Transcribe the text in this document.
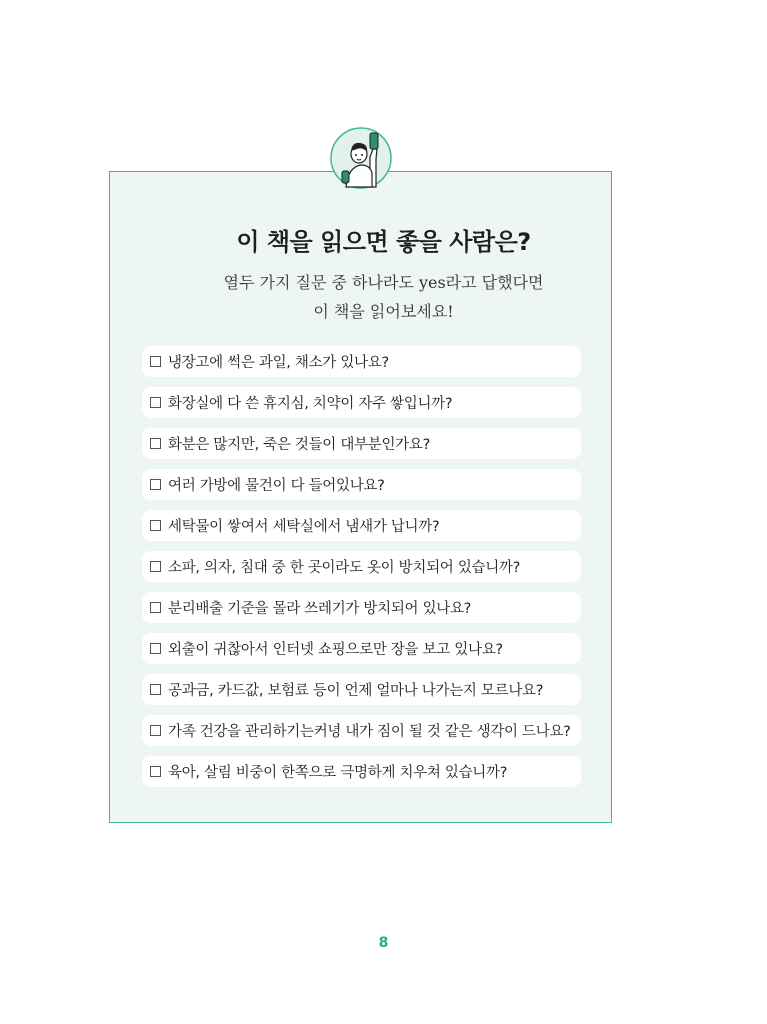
이 책을 읽으면 좋을 사람은?
열두 가지 질문 중 하나라도 yes라고 답했다면
이 책을 읽어보세요!
냉장고에 썩은 과일, 채소가 있나요?
화장실에 다 쓴 휴지심, 치약이 자주 쌓입니까?
화분은 많지만, 죽은 것들이 대부분인가요?
여러 가방에 물건이 다 들어있나요?
세탁물이 쌓여서 세탁실에서 냄새가 납니까?
소파, 의자, 침대 중 한 곳이라도 옷이 방치되어 있습니까?
분리배출 기준을 몰라 쓰레기가 방치되어 있나요?
외출이 귀찮아서 인터넷 쇼핑으로만 장을 보고 있나요?
공과금, 카드값, 보험료 등이 언제 얼마나 나가는지 모르나요?
가족 건강을 관리하기는커녕 내가 짐이 될 것 같은 생각이 드나요?
육아, 살림 비중이 한쪽으로 극명하게 치우쳐 있습니까?
8
